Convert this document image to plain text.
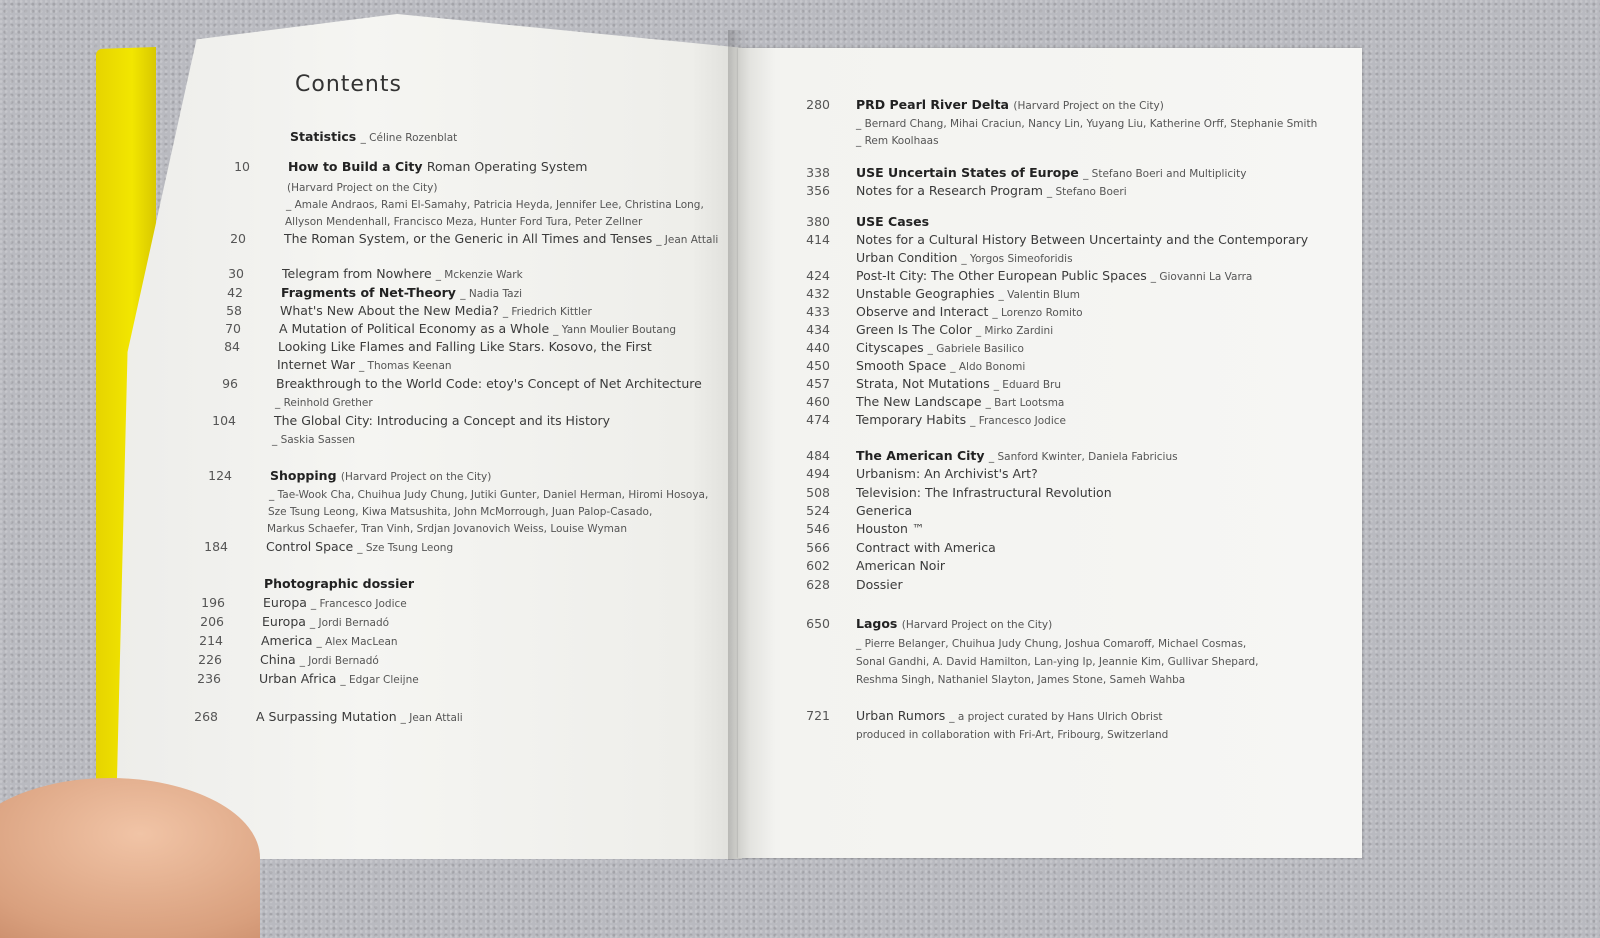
Contents
Statistics _ Céline Rozenblat
10	How to Build a City Roman Operating System
(Harvard Project on the City)
_ Amale Andraos, Rami El-Samahy, Patricia Heyda, Jennifer Lee, Christina Long,
Allyson Mendenhall, Francisco Meza, Hunter Ford Tura, Peter Zellner
20	The Roman System, or the Generic in All Times and Tenses _ Jean Attali
30	Telegram from Nowhere _ Mckenzie Wark
42	Fragments of Net-Theory _ Nadia Tazi
58	What's New About the New Media? _ Friedrich Kittler
70	A Mutation of Political Economy as a Whole _ Yann Moulier Boutang
84	Looking Like Flames and Falling Like Stars. Kosovo, the First
Internet War _ Thomas Keenan
96	Breakthrough to the World Code: etoy's Concept of Net Architecture
_ Reinhold Grether
104	The Global City: Introducing a Concept and its History
_ Saskia Sassen
124	Shopping (Harvard Project on the City)
_ Tae-Wook Cha, Chuihua Judy Chung, Jutiki Gunter, Daniel Herman, Hiromi Hosoya,
Sze Tsung Leong, Kiwa Matsushita, John McMorrough, Juan Palop-Casado,
Markus Schaefer, Tran Vinh, Srdjan Jovanovich Weiss, Louise Wyman
184	Control Space _ Sze Tsung Leong
Photographic dossier
196	Europa _ Francesco Jodice
206	Europa _ Jordi Bernadó
214	America _ Alex MacLean
226	China _ Jordi Bernadó
236	Urban Africa _ Edgar Cleijne
268	A Surpassing Mutation _ Jean Attali
280 PRD Pearl River Delta (Harvard Project on the City)
_ Bernard Chang, Mihai Craciun, Nancy Lin, Yuyang Liu, Katherine Orff, Stephanie Smith
_ Rem Koolhaas
338 USE Uncertain States of Europe _ Stefano Boeri and Multiplicity
356 Notes for a Research Program _ Stefano Boeri
380 USE Cases
414 Notes for a Cultural History Between Uncertainty and the Contemporary
Urban Condition _ Yorgos Simeoforidis
424 Post-It City: The Other European Public Spaces _ Giovanni La Varra
432 Unstable Geographies _ Valentin Blum
433 Observe and Interact _ Lorenzo Romito
434 Green Is The Color _ Mirko Zardini
440 Cityscapes _ Gabriele Basilico
450 Smooth Space _ Aldo Bonomi
457 Strata, Not Mutations _ Eduard Bru
460 The New Landscape _ Bart Lootsma
474 Temporary Habits _ Francesco Jodice
484 The American City _ Sanford Kwinter, Daniela Fabricius
494 Urbanism: An Archivist's Art?
508 Television: The Infrastructural Revolution
524 Generica
546 Houston ™
566 Contract with America
602 American Noir
628 Dossier
650 Lagos (Harvard Project on the City)
_ Pierre Belanger, Chuihua Judy Chung, Joshua Comaroff, Michael Cosmas,
Sonal Gandhi, A. David Hamilton, Lan-ying Ip, Jeannie Kim, Gullivar Shepard,
Reshma Singh, Nathaniel Slayton, James Stone, Sameh Wahba
721 Urban Rumors _ a project curated by Hans Ulrich Obrist
produced in collaboration with Fri-Art, Fribourg, Switzerland
